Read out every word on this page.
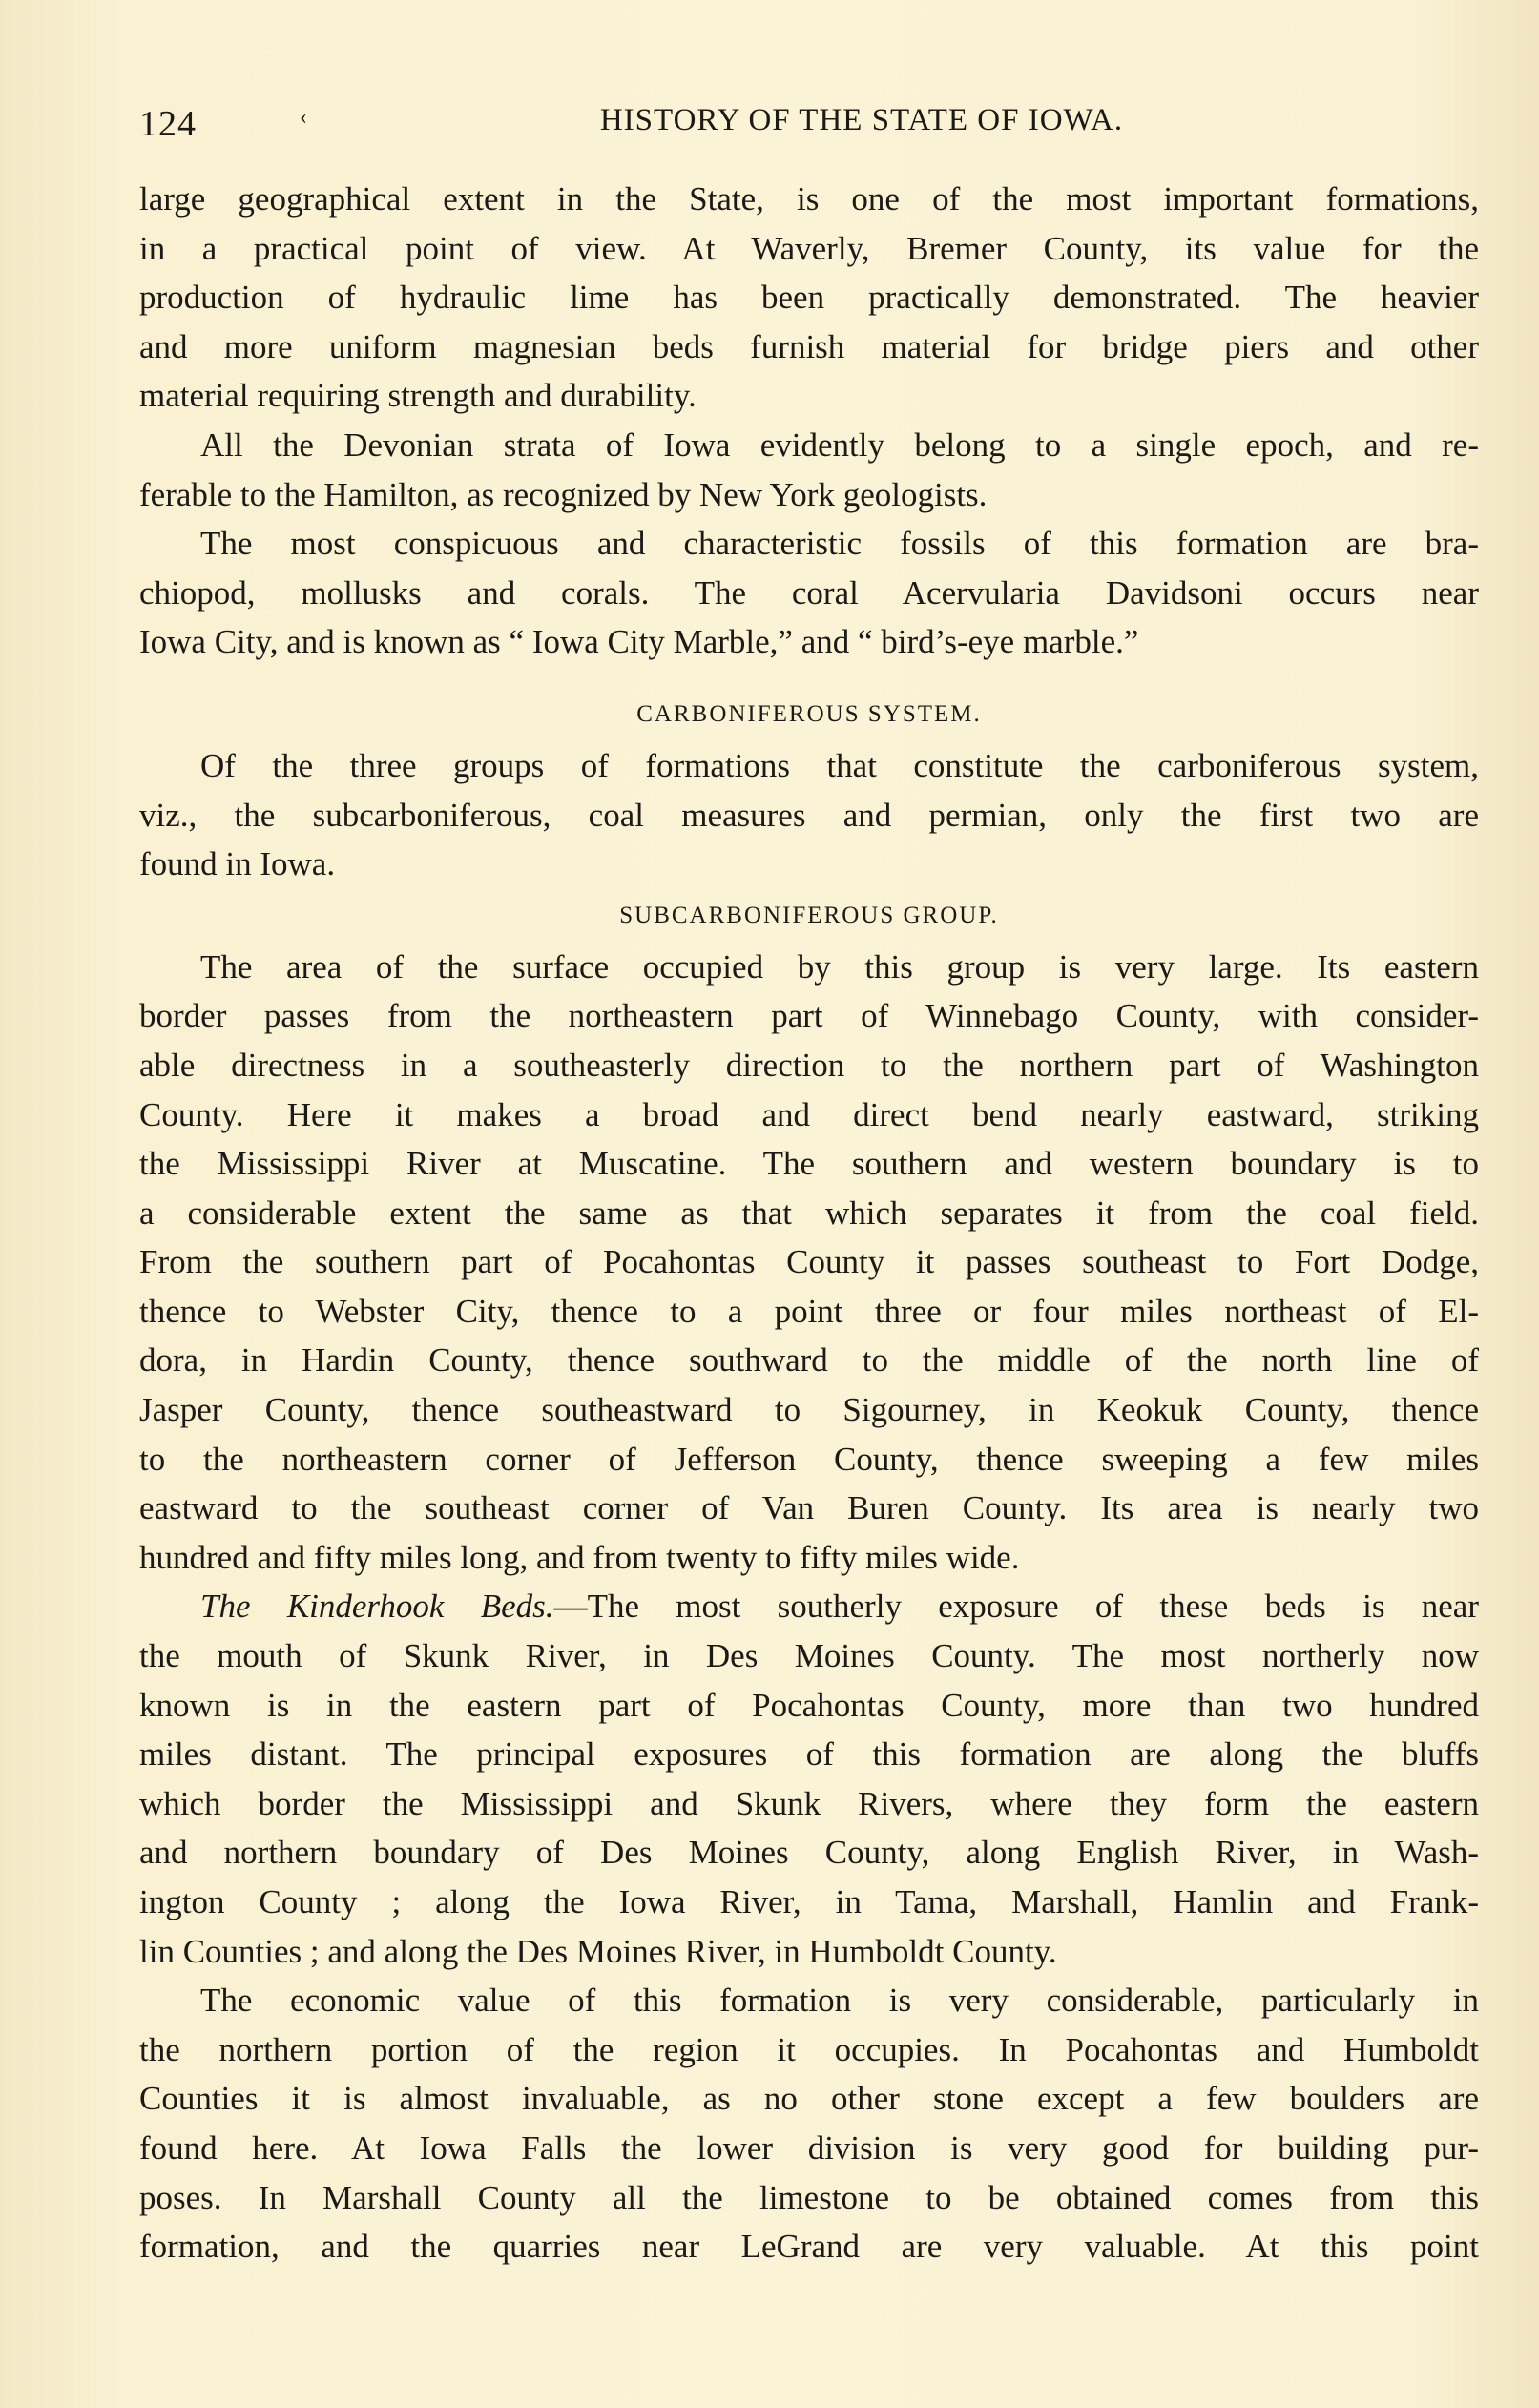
124	‹	HISTORY OF THE STATE OF IOWA.

large geographical extent in the State, is one of the most important formations,
in a practical point of view. At Waverly, Bremer County, its value for the
production of hydraulic lime has been practically demonstrated. The heavier
and more uniform magnesian beds furnish material for bridge piers and other
material requiring strength and durability.

All the Devonian strata of Iowa evidently belong to a single epoch, and re-
ferable to the Hamilton, as recognized by New York geologists.

The most conspicuous and characteristic fossils of this formation are bra-
chiopod, mollusks and corals. The coral Acervularia Davidsoni occurs near
Iowa City, and is known as “ Iowa City Marble,” and “ bird’s-eye marble.”

CARBONIFEROUS SYSTEM.

Of the three groups of formations that constitute the carboniferous system,
viz., the subcarboniferous, coal measures and permian, only the first two are
found in Iowa.

SUBCARBONIFEROUS GROUP.

The area of the surface occupied by this group is very large. Its eastern
border passes from the northeastern part of Winnebago County, with consider-
able directness in a southeasterly direction to the northern part of Washington
County. Here it makes a broad and direct bend nearly eastward, striking
the Mississippi River at Muscatine. The southern and western boundary is to
a considerable extent the same as that which separates it from the coal field.
From the southern part of Pocahontas County it passes southeast to Fort Dodge,
thence to Webster City, thence to a point three or four miles northeast of El-
dora, in Hardin County, thence southward to the middle of the north line of
Jasper County, thence southeastward to Sigourney, in Keokuk County, thence
to the northeastern corner of Jefferson County, thence sweeping a few miles
eastward to the southeast corner of Van Buren County. Its area is nearly two
hundred and fifty miles long, and from twenty to fifty miles wide.

The Kinderhook Beds.—The most southerly exposure of these beds is near
the mouth of Skunk River, in Des Moines County. The most northerly now
known is in the eastern part of Pocahontas County, more than two hundred
miles distant. The principal exposures of this formation are along the bluffs
which border the Mississippi and Skunk Rivers, where they form the eastern
and northern boundary of Des Moines County, along English River, in Wash-
ington County ; along the Iowa River, in Tama, Marshall, Hamlin and Frank-
lin Counties ; and along the Des Moines River, in Humboldt County.

The economic value of this formation is very considerable, particularly in
the northern portion of the region it occupies. In Pocahontas and Humboldt
Counties it is almost invaluable, as no other stone except a few boulders are
found here. At Iowa Falls the lower division is very good for building pur-
poses. In Marshall County all the limestone to be obtained comes from this
formation, and the quarries near LeGrand are very valuable. At this point
